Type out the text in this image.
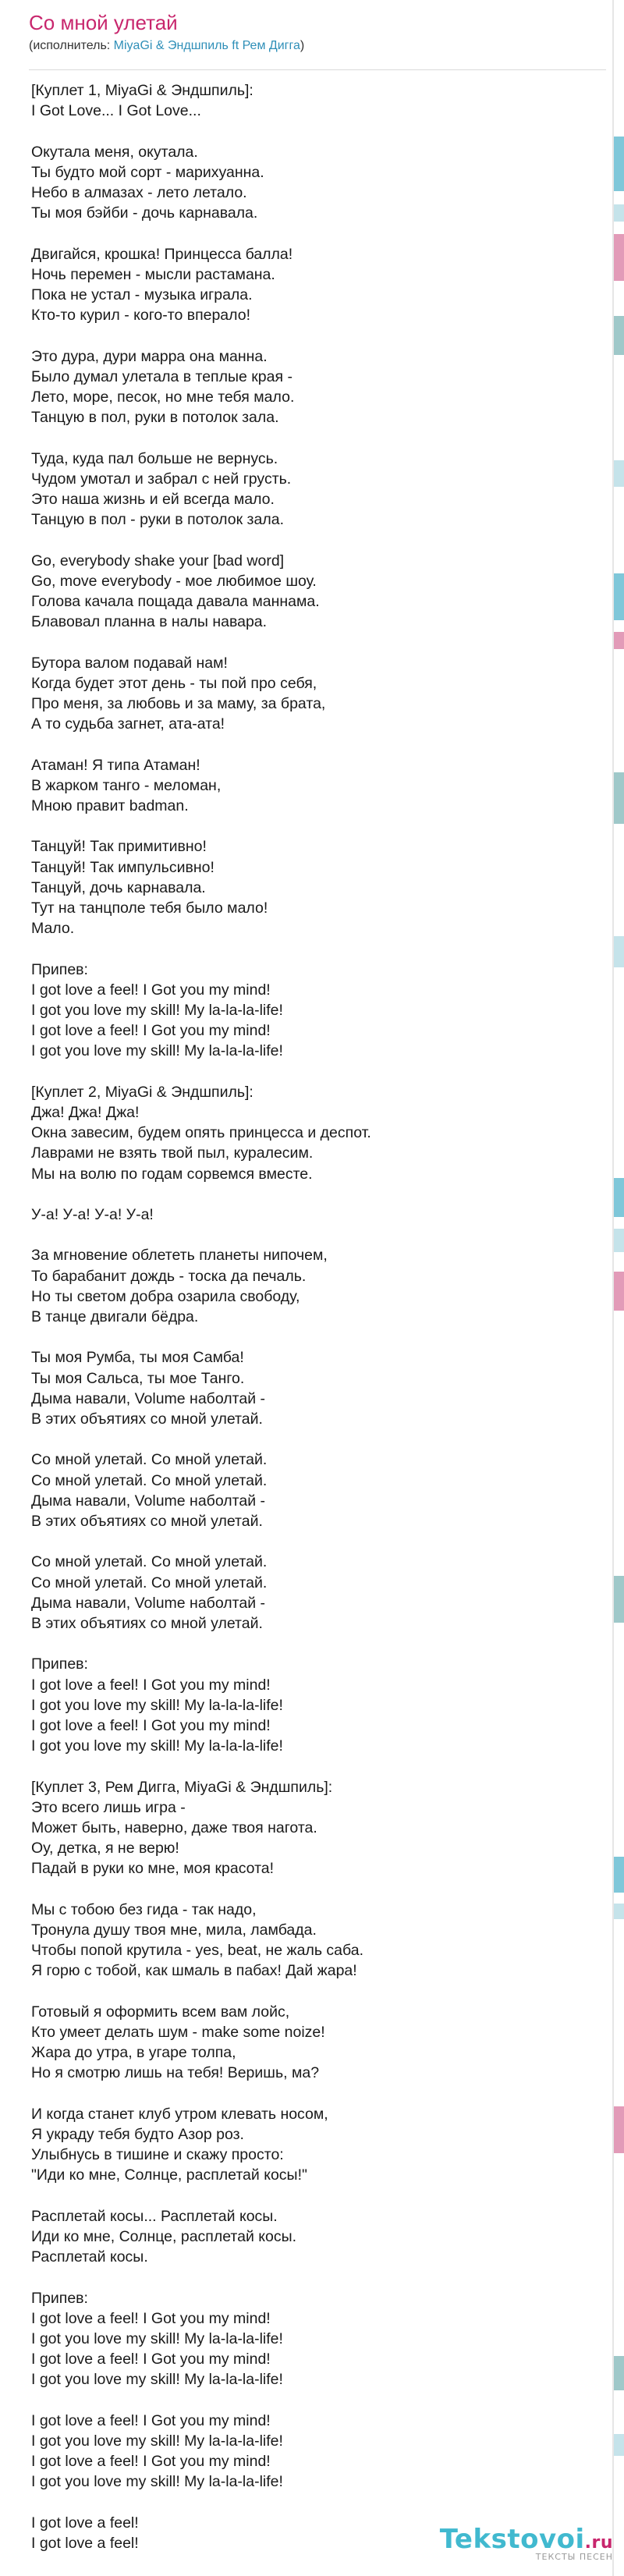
Со мной улетай
(исполнитель: MiyaGi & Эндшпиль ft Рем Дигга)
[Куплет 1, MiyaGi & Эндшпиль]:
I Got Love... I Got Love...
Окутала меня, окутала.
Ты будто мой сорт - марихуанна.
Небо в алмазах - лето летало.
Ты моя бэйби - дочь карнавала.
Двигайся, крошка! Принцесса балла!
Ночь перемен - мысли растамана.
Пока не устал - музыка играла.
Кто-то курил - кого-то вперало!
Это дура, дури марра она манна.
Было думал улетала в теплые края -
Лето, море, песок, но мне тебя мало.
Танцую в пол, руки в потолок зала.
Туда, куда пал больше не вернусь.
Чудом умотал и забрал с ней грусть.
Это наша жизнь и ей всегда мало.
Танцую в пол - руки в потолок зала.
Go, everybody shake your [bad word]
Go, move everybody - мое любимое шоу.
Голова качала пощада давала маннама.
Блавовал планна в налы навара.
Бутора валом подавай нам!
Когда будет этот день - ты пой про себя,
Про меня, за любовь и за маму, за брата,
А то судьба загнет, ата-ата!
Атаман! Я типа Атаман!
В жарком танго - меломан,
Мною правит badman.
Танцуй! Так примитивно!
Танцуй! Так импульсивно!
Танцуй, дочь карнавала.
Тут на танцполе тебя было мало!
Мало.
Припев:
I got love a feel! I Got you my mind!
I got you love my skill! My la-la-la-life!
I got love a feel! I Got you my mind!
I got you love my skill! My la-la-la-life!
[Куплет 2, MiyaGi & Эндшпиль]:
Джа! Джа! Джа!
Окна завесим, будем опять принцесса и деспот.
Лаврами не взять твой пыл, куралесим.
Мы на волю по годам сорвемся вместе.
У-а! У-а! У-а! У-а!
За мгновение облететь планеты нипочем,
То барабанит дождь - тоска да печаль.
Но ты светом добра озарила свободу,
В танце двигали бёдра.
Ты моя Румба, ты моя Самба!
Ты моя Сальса, ты мое Танго.
Дыма навали, Volume наболтай -
В этих объятиях со мной улетай.
Со мной улетай. Со мной улетай.
Со мной улетай. Со мной улетай.
Дыма навали, Volume наболтай -
В этих объятиях со мной улетай.
Со мной улетай. Со мной улетай.
Со мной улетай. Со мной улетай.
Дыма навали, Volume наболтай -
В этих объятиях со мной улетай.
Припев:
I got love a feel! I Got you my mind!
I got you love my skill! My la-la-la-life!
I got love a feel! I Got you my mind!
I got you love my skill! My la-la-la-life!
[Куплет 3, Рем Дигга, MiyaGi & Эндшпиль]:
Это всего лишь игра -
Может быть, наверно, даже твоя нагота.
Оу, детка, я не верю!
Падай в руки ко мне, моя красота!
Мы с тобою без гида - так надо,
Тронула душу твоя мне, мила, ламбада.
Чтобы попой крутила - yes, beat, не жаль саба.
Я горю с тобой, как шмаль в пабах! Дай жара!
Готовый я оформить всем вам лойс,
Кто умеет делать шум - make some noize!
Жара до утра, в угаре толпа,
Но я смотрю лишь на тебя! Веришь, ма?
И когда станет клуб утром клевать носом,
Я украду тебя будто Азор роз.
Улыбнусь в тишине и скажу просто:
"Иди ко мне, Солнце, расплетай косы!"
Расплетай косы... Расплетай косы.
Иди ко мне, Солнце, расплетай косы.
Расплетай косы.
Припев:
I got love a feel! I Got you my mind!
I got you love my skill! My la-la-la-life!
I got love a feel! I Got you my mind!
I got you love my skill! My la-la-la-life!
I got love a feel! I Got you my mind!
I got you love my skill! My la-la-la-life!
I got love a feel! I Got you my mind!
I got you love my skill! My la-la-la-life!
I got love a feel!
I got love a feel!	Tekstovoi.ru
ТЕКСТЫ ПЕСЕН
